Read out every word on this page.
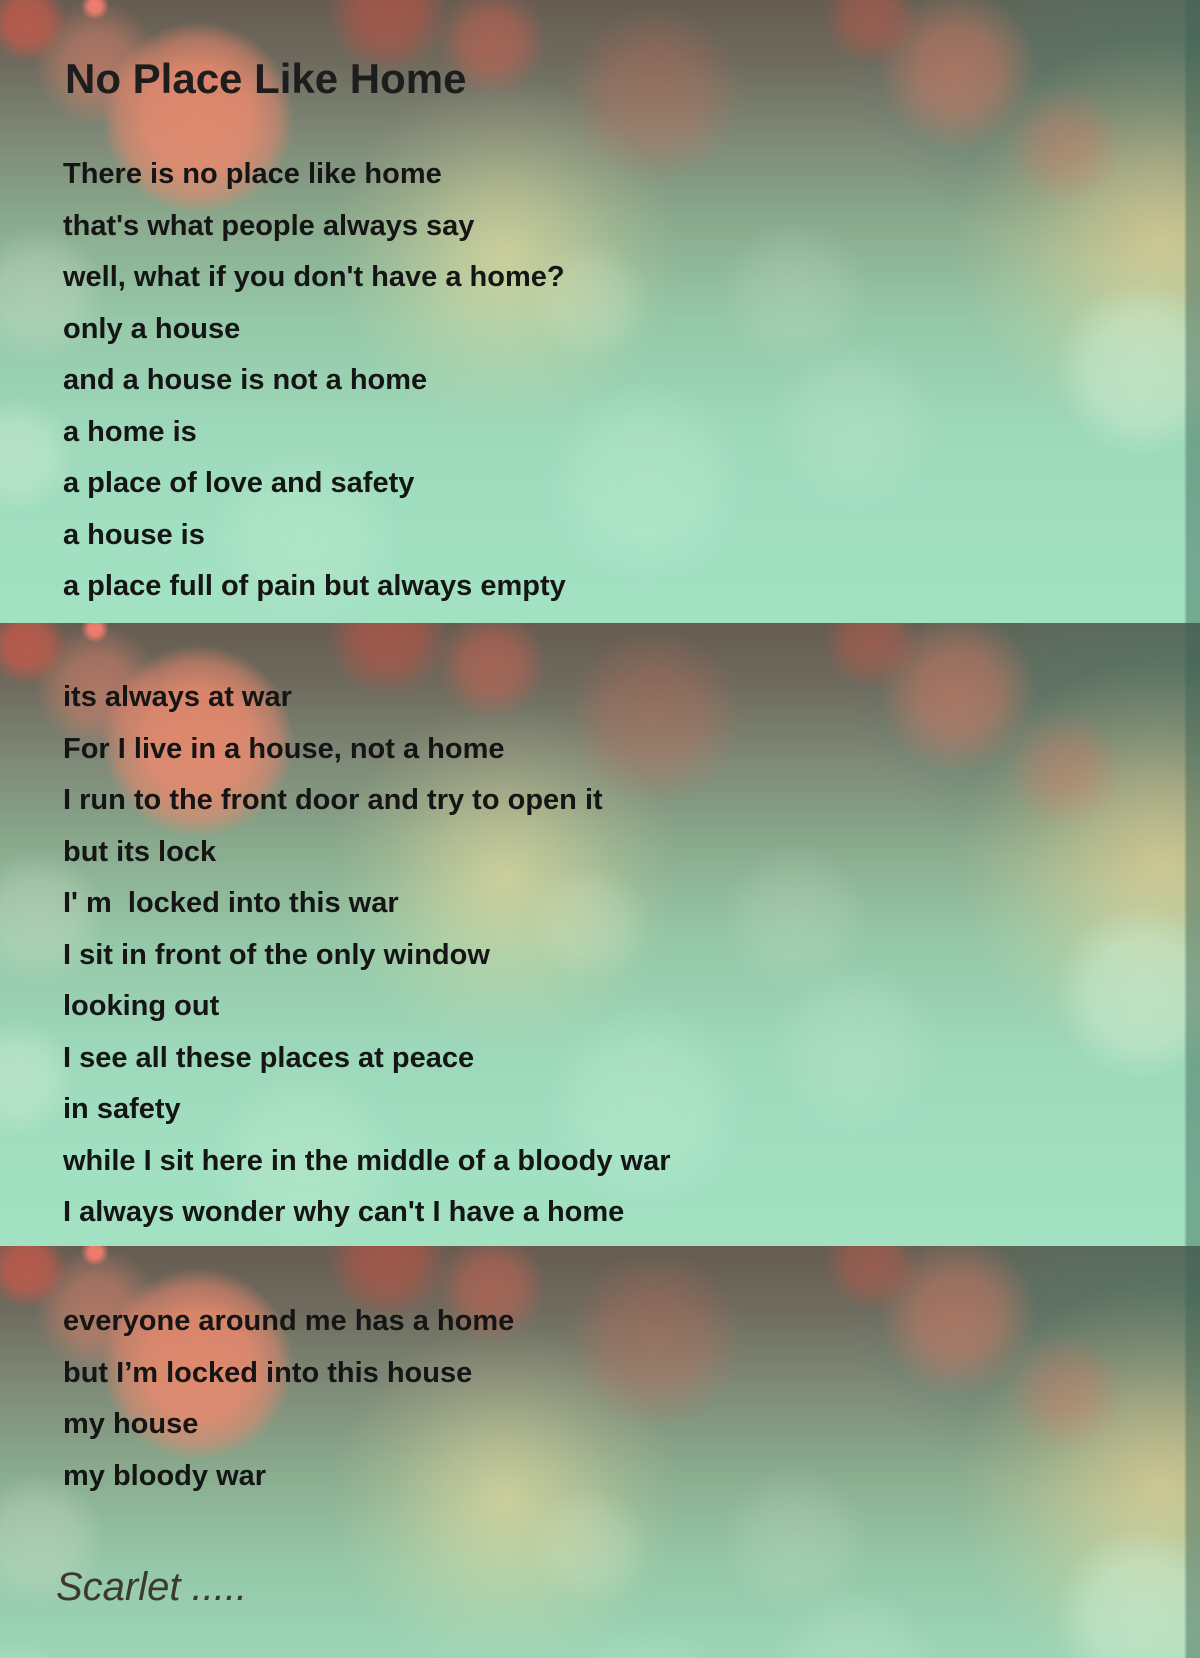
No Place Like Home
There is no place like home
that's what people always say
well, what if you don't have a home?
only a house
and a house is not a home
a home is
a place of love and safety
a house is
a place full of pain but always empty
its always at war
For I live in a house, not a home
I run to the front door and try to open it
but its lock
I' m  locked into this war
I sit in front of the only window
looking out
I see all these places at peace
in safety
while I sit here in the middle of a bloody war
I always wonder why can't I have a home
everyone around me has a home
but I’m locked into this house
my house
my bloody war
Scarlet .....
